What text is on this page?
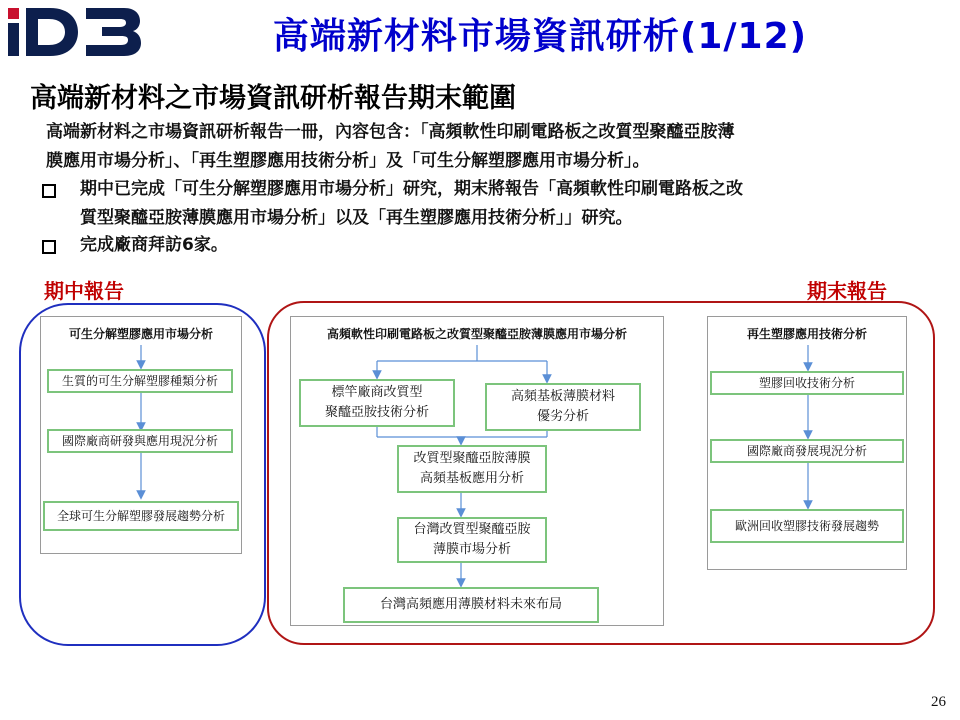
高端新材料市場資訊研析(1/12)
高端新材料之市場資訊研析報告期末範圍
高端新材料之市場資訊研析報告一冊，內容包含：「高頻軟性印刷電路板之改質型聚醯亞胺薄
膜應用市場分析」、「再生塑膠應用技術分析」及「可生分解塑膠應用市場分析」。
期中已完成「可生分解塑膠應用市場分析」研究，期末將報告「高頻軟性印刷電路板之改
質型聚醯亞胺薄膜應用市場分析」以及「再生塑膠應用技術分析」」研究。
完成廠商拜訪6家。
期中報告	期末報告
可生分解塑膠應用市場分析
生質的可生分解塑膠種類分析
國際廠商研發與應用現況分析
全球可生分解塑膠發展趨勢分析
高頻軟性印刷電路板之改質型聚醯亞胺薄膜應用市場分析
標竿廠商改質型
聚醯亞胺技術分析
高頻基板薄膜材料
優劣分析
改質型聚醯亞胺薄膜
高頻基板應用分析
台灣改質型聚醯亞胺
薄膜市場分析
台灣高頻應用薄膜材料未來布局
再生塑膠應用技術分析
塑膠回收技術分析
國際廠商發展現況分析
歐洲回收塑膠技術發展趨勢
26
